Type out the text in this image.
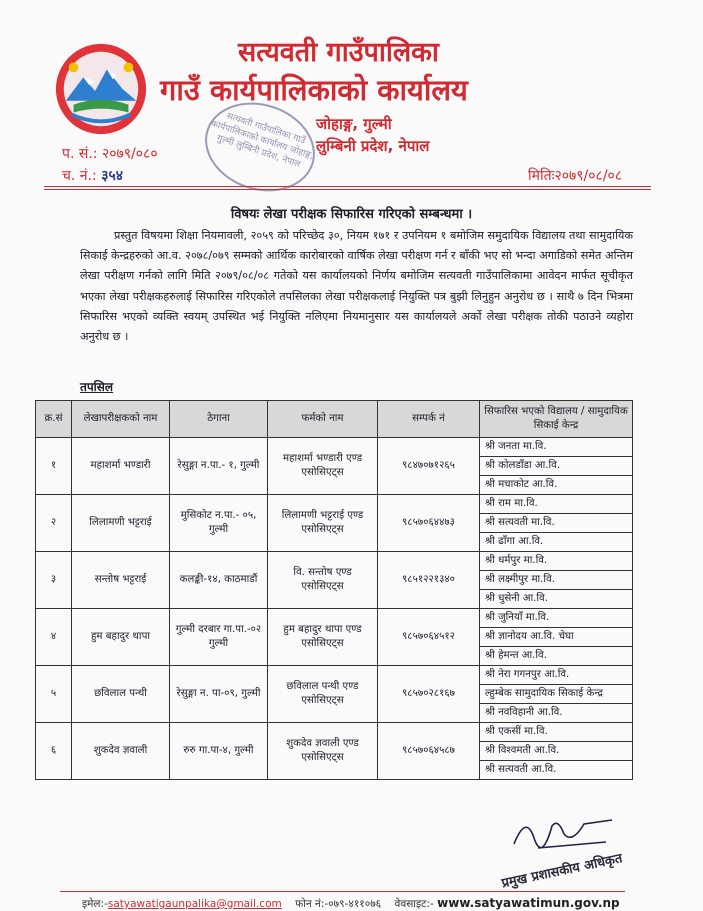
सत्यवती गाउँपालिका
गाउँ कार्यपालिकाको कार्यालय
जोहाङ्ग, गुल्मी
लुम्बिनी प्रदेश, नेपाल
प. सं.: २०७९/०८०
च. नं.: ३५४
सत्यवती गाउँपालिका गाउँ कार्यपालिकाको कार्यालय जोहाङ्ग, गुल्मी लुम्बिनी प्रदेश, नेपाल
मितिः२०७९/०८/०८
विषयः लेखा परीक्षक सिफारिस गरिएको सम्बन्धमा ।

प्रस्तुत विषयमा शिक्षा नियमावली, २०५९ को परिच्छेद ३०, नियम १७१ र उपनियम १ बमोजिम समुदायिक विद्यालय तथा सामुदायिक सिकाई केन्द्रहरुको आ.व. २०७८/०७९ सम्मको आर्थिक कारोबारको वार्षिक लेखा परीक्षण गर्न र बाँकी भए सो भन्दा अगाडिको समेत अन्तिम लेखा परीक्षण गर्नको लागि मिति २०७९/०८/०८ गतेको यस कार्यालयको निर्णय बमोजिम सत्यवती गाउँपालिकामा आवेदन मार्फत सूचीकृत भएका लेखा परीक्षकहरुलाई सिफारिस गरिएकोले तपसिलका लेखा परीक्षकलाई नियुक्ति पत्र बुझी लिनुहुन अनुरोध छ । साथै ७ दिन भित्रमा सिफारिस भएको व्यक्ति स्वयम् उपस्थित भई नियुक्ति नलिएमा नियमानुसार यस कार्यालयले अर्को लेखा परीक्षक तोकी पठाउने व्यहोरा अनुरोध छ ।

तपसिल
क्र.सं	लेखापरीक्षकको नाम	ठेगाना	फर्मको नाम	सम्पर्क नं	सिफारिस भएको विद्यालय / सामुदायिक सिकाई केन्द्र
१	महाशर्मा भण्डारी	रेसुङ्गा न.पा.- १, गुल्मी	महाशर्मा भण्डारी एण्ड एसोसिएट्स	९८४७०७१२६५	श्री जनता मा.वि.
					श्री कोलडाँडा आ.वि.
					श्री मचाकोट आ.वि.
२	लिलामणी भट्टराई	मुसिकोट न.पा.- ०५, गुल्मी	लिलामणी भट्टराई एण्ड एसोसिएट्स	९८५७०६४४७३	श्री राम मा.वि.
					श्री सत्यवती मा.वि.
					श्री ढाँगा आ.वि.
३	सन्तोष भट्टराई	कलङ्की-१४, काठमाडौं	वि. सन्तोष एण्ड एसोसिएट्स	९८५१२२१३४०	श्री धर्मपुर मा.वि.
					श्री लक्ष्मीपुर मा.वि.
					श्री धुसेनी आ.वि.
४	हुम बहादुर थापा	गुल्मी दरबार गा.पा.-०२ गुल्मी	हुम बहादुर थापा एण्ड एसोसिएट्स	९८५७०६४५१२	श्री जुनियाँ मा.वि.
					श्री ज्ञानोदय आ.वि. चेघा
					श्री हेमन्त आ.वि.
५	छविलाल पन्थी	रेसुङ्गा न. पा-०९, गुल्मी	छविलाल पन्थी एण्ड एसोसिएट्स	९८५७०२८१६७	श्री नेरा गगनपुर आ.वि.
					ल्हुम्बेक सामुदायिक सिकाई केन्द्र
					श्री नवविहानी आ.वि.
६	शुकदेव ज्ञवाली	रुरु गा.पा-४, गुल्मी	शुकदेव ज्ञवाली एण्ड एसोसिएट्स	९८५७०६४५८७	श्री एकसीं मा.वि.
					श्री विश्वमती आ.वि.
					श्री सत्यवती आ.वि.
प्रमुख प्रशासकीय अधिकृत
इमेल:-satyawatigaunpalika@gmail.com फोन नं:-०७९-४११०७६ वेवसाइट:- www.satyawatimun.gov.np
